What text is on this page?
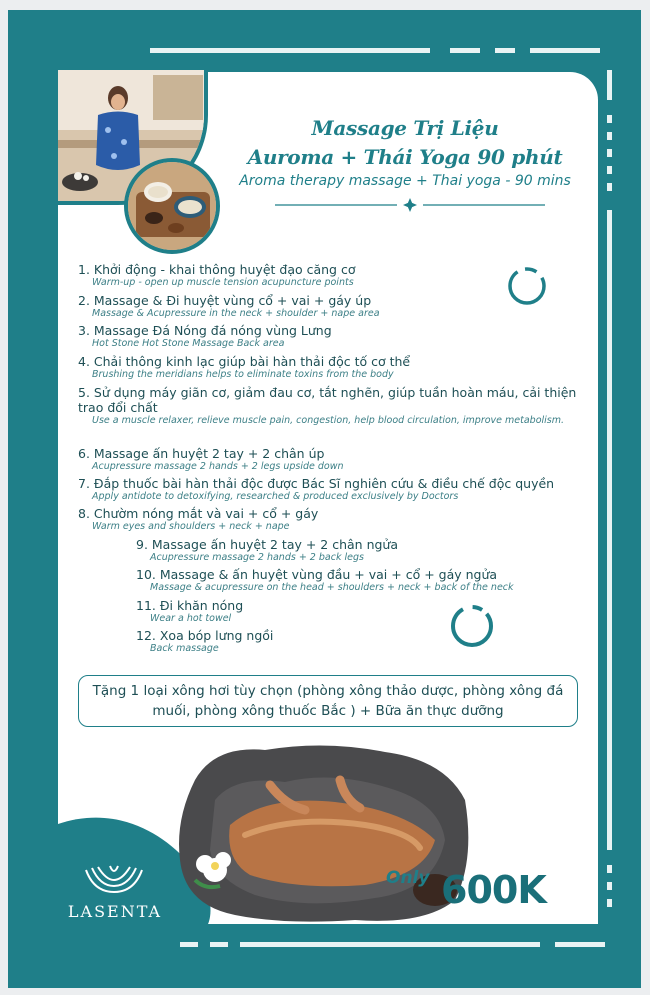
Massage Trị Liệu
Auroma + Thái Yoga 90 phút
Aroma therapy massage + Thai yoga - 90 mins
1. Khởi động - khai thông huyệt đạo căng cơ
Warm-up - open up muscle tension acupuncture points
2. Massage & Đi huyệt vùng cổ + vai + gáy úp
Massage & Acupressure in the neck + shoulder + nape area
3. Massage Đá Nóng đá nóng vùng Lưng
Hot Stone Hot Stone Massage Back area
4. Chải thông kinh lạc giúp bài hàn thải độc tố cơ thể
Brushing the meridians helps to eliminate toxins from the body
5. Sử dụng máy giãn cơ, giảm đau cơ, tắt nghẽn, giúp tuần hoàn máu, cải thiện trao đổi chất
Use a muscle relaxer, relieve muscle pain, congestion, help blood circulation, improve metabolism.
6. Massage ấn huyệt 2 tay + 2 chân úp
Acupressure massage 2 hands + 2 legs upside down
7. Đắp thuốc bài hàn thải độc được Bác Sĩ nghiên cứu & điều chế độc quyền
Apply antidote to detoxifying, researched & produced exclusively by Doctors
8. Chườm nóng mắt và vai + cổ + gáy
Warm eyes and shoulders + neck + nape
9. Massage ấn huyệt 2 tay + 2 chân ngửa
Acupressure massage 2 hands + 2 back legs
10. Massage & ấn huyệt vùng đầu + vai + cổ + gáy ngửa
Massage & acupressure on the head + shoulders + neck + back of the neck
11. Đi khăn nóng
Wear a hot towel
12. Xoa bóp lưng ngồi
Back massage
Tặng 1 loại xông hơi tùy chọn (phòng xông thảo dược, phòng xông đá muối, phòng xông thuốc Bắc ) + Bữa ăn thực dưỡng
LASENTA
Only 600K
